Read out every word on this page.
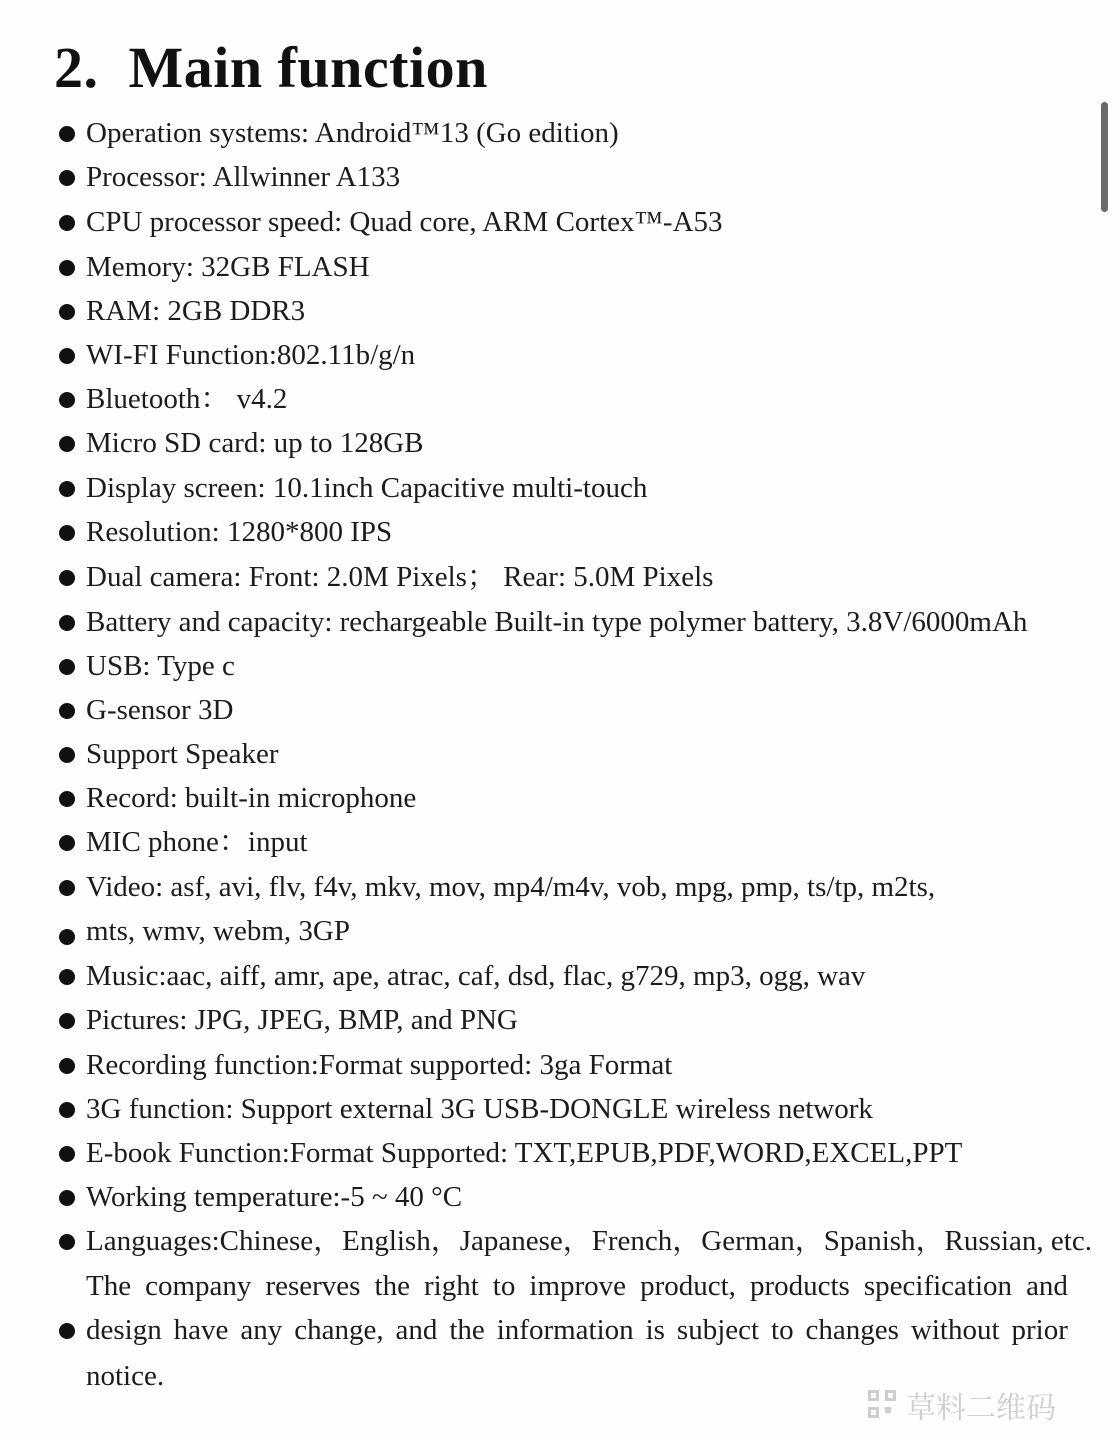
2. Main function
Operation systems: Android™13 (Go edition)
Processor: Allwinner A133
CPU processor speed: Quad core, ARM Cortex™-A53
Memory: 32GB FLASH
RAM: 2GB DDR3
WI-FI Function:802.11b/g/n
Bluetooth： v4.2
Micro SD card: up to 128GB
Display screen: 10.1inch Capacitive multi-touch
Resolution: 1280*800 IPS
Dual camera: Front: 2.0M Pixels； Rear: 5.0M Pixels
Battery and capacity: rechargeable Built-in type polymer battery, 3.8V/6000mAh
USB: Type c
G-sensor 3D
Support Speaker
Record: built-in microphone
MIC phone：input
Video: asf, avi, flv, f4v, mkv, mov, mp4/m4v, vob, mpg, pmp, ts/tp, m2ts,
mts, wmv, webm, 3GP
Music:aac, aiff, amr, ape, atrac, caf, dsd, flac, g729, mp3, ogg, wav
Pictures: JPG, JPEG, BMP, and PNG
Recording function:Format supported: 3ga Format
3G function: Support external 3G USB-DONGLE wireless network
E-book Function:Format Supported: TXT,EPUB,PDF,WORD,EXCEL,PPT
Working temperature:-5 ~ 40 °C
Languages:Chinese，English，Japanese，French，German，Spanish，Russian, etc.
The company reserves the right to improve product, products specification and
design have any change, and the information is subject to changes without prior
notice.
草料二维码
